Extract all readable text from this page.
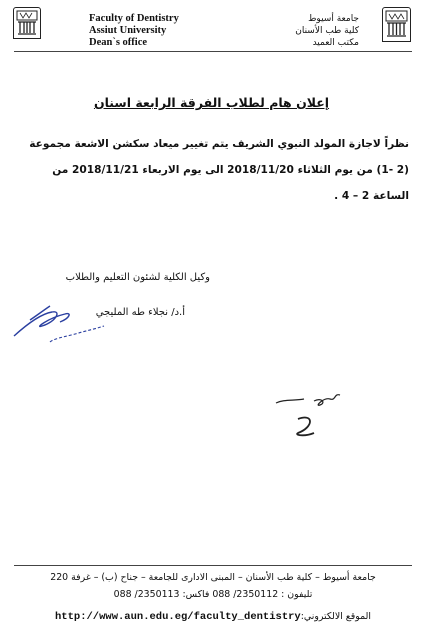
Faculty of Dentistry
Assiut University
Dean`s office
جامعة أسيوط
كلية طب الأسنان
مكتب العميد
إعلان هام لطلاب الفرقة الرابعة اسنان
نظراً لاجازة المولد النبوي الشريف يتم تغيير ميعاد سكشن الاشعة مجموعة
(2 -1) من يوم الثلاثاء 2018/11/20 الى يوم الاربعاء 2018/11/21 من
الساعة 2 – 4 .
وكيل الكلية لشئون التعليم والطلاب
أ.د/ نجلاء طه المليجي
جامعة أسيوط – كلية طب الأسنان – المبنى الادارى للجامعة – جناح (ب) – غرفة 220
تليفون : 2350112/ 088 فاكس: 2350113/ 088
الموقع الالكتروني:http://www.aun.edu.eg/faculty_dentistry
